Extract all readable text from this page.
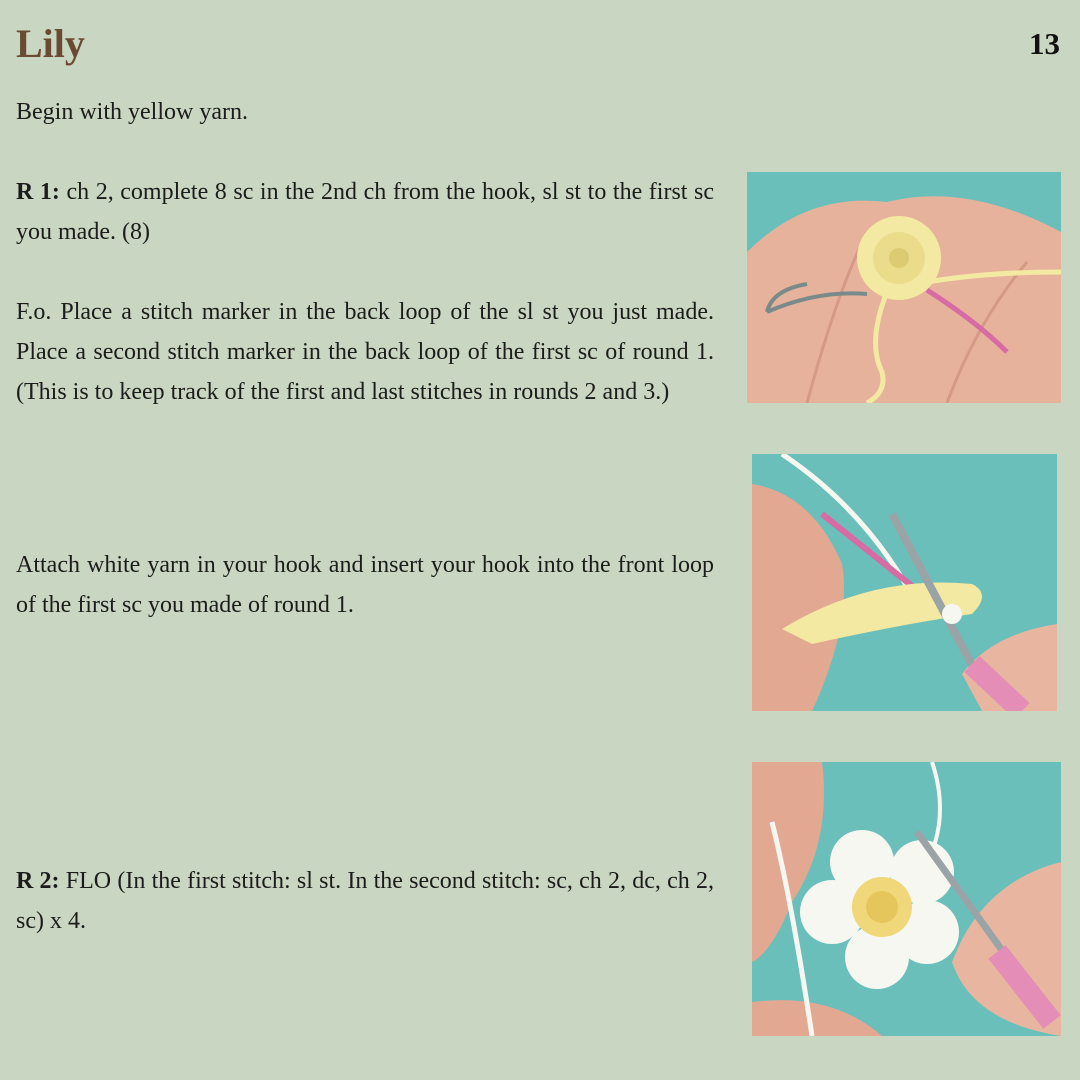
Lily	13

Begin with yellow yarn.

R 1: ch 2, complete 8 sc in the 2nd ch from the hook, sl st to the first sc you made. (8)

F.o. Place a stitch marker in the back loop of the sl st you just made. Place a second stitch marker in the back loop of the first sc of round 1. (This is to keep track of the first and last stitches in rounds 2 and 3.)

Attach white yarn in your hook and insert your hook into the front loop of the first sc you made of round 1.

R 2: FLO (In the first stitch: sl st. In the second stitch: sc, ch 2, dc, ch 2, sc) x 4.
